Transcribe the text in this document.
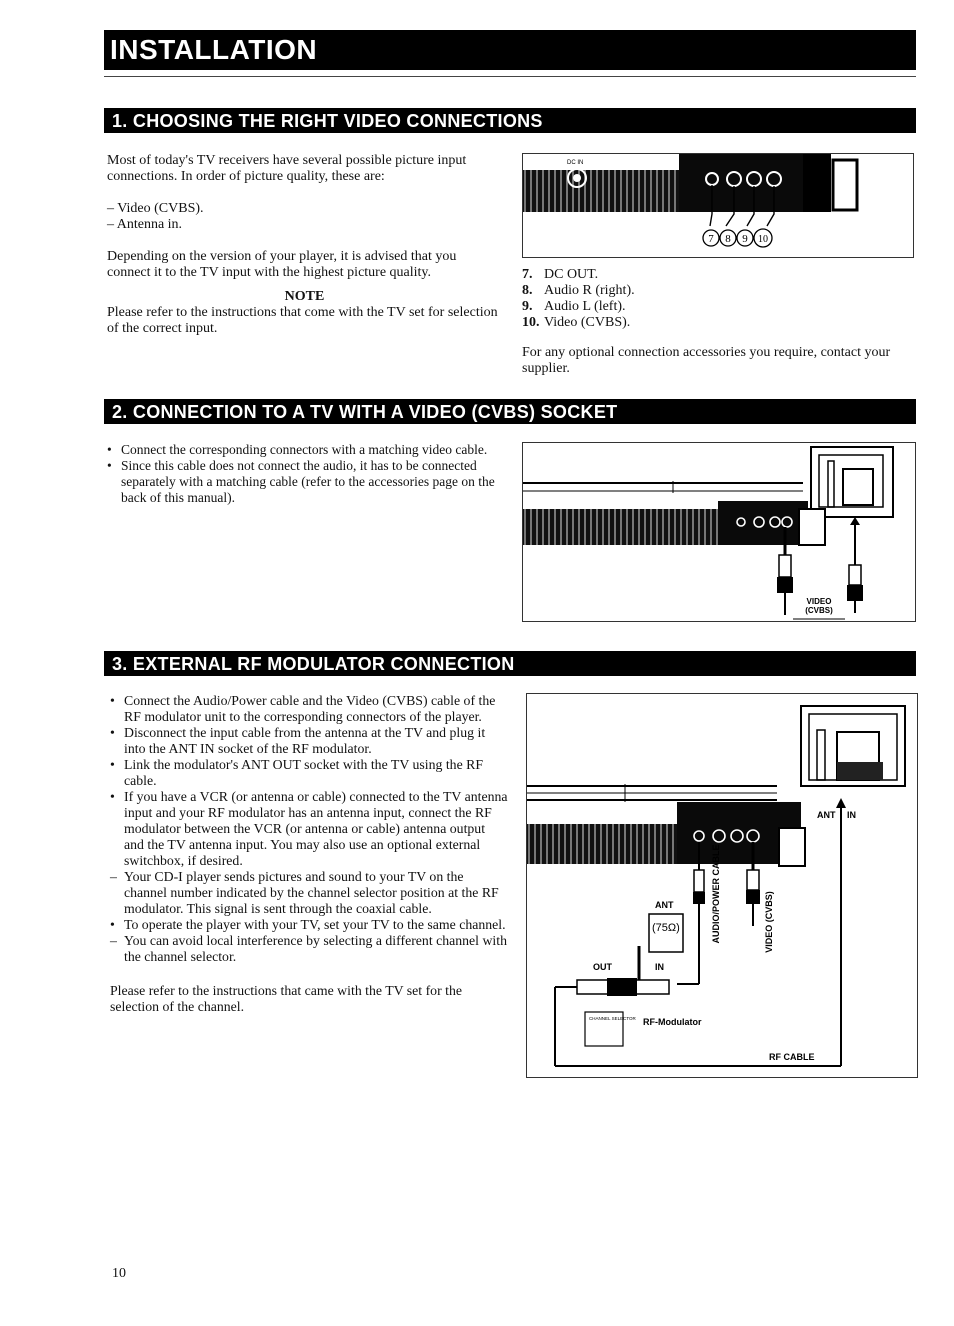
INSTALLATION
1. CHOOSING THE RIGHT VIDEO CONNECTIONS

Most of today's TV receivers have several possible picture input connections. In order of picture quality, these are:

– Video (CVBS).

– Antenna in.

Depending on the version of your player, it is advised that you connect it to the TV input with the highest picture quality.

NOTE

Please refer to the instructions that come with the TV set for selection of the correct input.

DC IN
7 8 9 10
7. DC OUT.
8. Audio R (right).
9. Audio L (left).
10. Video (CVBS).

For any optional connection accessories you require, contact your supplier.

2. CONNECTION TO A TV WITH A VIDEO (CVBS) SOCKET
• Connect the corresponding connectors with a matching video cable.
• Since this cable does not connect the audio, it has to be connected separately with a matching cable (refer to the accessories page on the back of this manual).
VIDEO
(CVBS)
3. EXTERNAL RF MODULATOR CONNECTION
• Connect the Audio/Power cable and the Video (CVBS) cable of the RF modulator unit to the corresponding connectors of the player.
• Disconnect the input cable from the antenna at the TV and plug it into the ANT IN socket of the RF modulator.
• Link the modulator's ANT OUT socket with the TV using the RF cable.
• If you have a VCR (or antenna or cable) connected to the TV antenna input and your RF modulator has an antenna input, connect the RF modulator between the VCR (or antenna or cable) antenna output and the TV antenna input. You may also use an optional external switchbox, if desired.
– Your CD-I player sends pictures and sound to your TV on the channel number indicated by the channel selector position at the RF modulator. This signal is sent through the coaxial cable.
• To operate the player with your TV, set your TV to the same channel.
– You can avoid local interference by selecting a different channel with the channel selector.

Please refer to the instructions that came with the TV set for the selection of the channel.

AUDIO/POWER CABLE	VIDEO (CVBS)
ANT IN
ANT
(75Ω)
OUT	IN
CHANNEL SELECTOR RF-Modulator
RF CABLE
10
